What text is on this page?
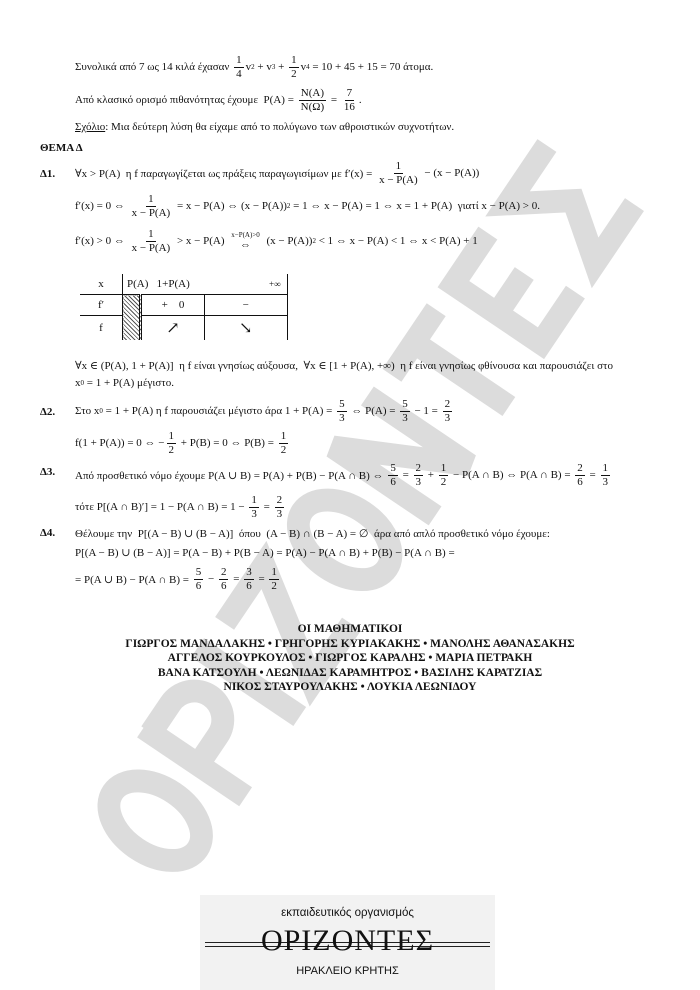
Συνολικά από 7 ως 14 κιλά έχασαν $\frac{1}{4}$ v 2 + v $3 + \frac{1}{2}$ v 4 = 10 + 45 + 15 = 70 άτομα.
Από κλασικό ορισμό πιθανότητας έχουμε  $P(A) = \frac{N(A)}{N(\Omega)} = \frac{7}{16}$ .
Σχόλιο : Μια δεύτερη λύση θα είχαμε από το πολύγωνο των αθροιστικών συχνοτήτων.
ΘΕΜΑ Δ
Δ1. ∀x > P(A)  η f παραγωγίζεται ως πράξεις παραγωγισίμων με $f'(x) = \frac{1}{x - P(A)} - (x - P(A))$
f′(x) = 0 ⇔ $\frac{1}{x - P(A)} = x - P(A)$ ⇔ (x − P(A)) 2 = 1 ⇔ x − P(A) = 1 ⇔ x = 1 + P(A)  γιατί x − P(A) > 0.
f′(x) > 0 ⇔ $\frac{1}{x - P(A)} > x - P(A)$
x−P(A)>0
⇔ (x − P(A)) 2 < 1 ⇔ x − P(A) < 1 ⇔ x < P(A) + 1
x	P(A) 1+P(A)		+∞
f′		+ 0	−
f		↗	↘
∀x ∈ (P(A), 1 + P(A)]  η f είναι γνησίως αύξουσα,  ∀x ∈ [1 + P(A), +∞)  η f είναι γνησίως φθίνουσα και παρουσιάζει στο
x 0 = 1 + P(A) μέγιστο.
Δ2. Στο x 0 = 1 + P(A) η f παρουσιάζει μέγιστο άρα $1 + P(A) = \frac{5}{3}$ ⇔ $P(A) = \frac{5}{3} - 1 = \frac{2}{3}$
f(1 + P(A)) = 0 ⇔ − $\frac{1}{2} + P(B) = 0$ ⇔ $P(B) = \frac{1}{2}$
Δ3. Από προσθετικό νόμο έχουμε P(A ∪ B) = P(A) + P(B) − P(A ∩ B) ⇔ $\frac{5}{6} = \frac{2}{3} + \frac{1}{2} - P(A$ ∩ B) ⇔ P(A ∩ $B) = \frac{2}{6} = \frac{1}{3}$
τότε P[(A ∩ B)′] = 1 − P(A ∩ $B) = 1 - \frac{1}{3} = \frac{2}{3}$
Δ4. Θέλουμε την  P[(A − B) ∪ (B − A)]  όπου  (A − B) ∩ (B − A) = ∅  άρα από απλό προσθετικό νόμο έχουμε:
P[(A − B) ∪ (B − A)] = P(A − B) + P(B − A) = P(A) − P(A ∩ B) + P(B) − P(A ∩ B) =
= P(A ∪ B) − P(A ∩ $B) = \frac{5}{6} - \frac{2}{6} = \frac{3}{6} = \frac{1}{2}$
ΟΙ ΜΑΘΗΜΑΤΙΚΟΙ
ΓΙΩΡΓΟΣ ΜΑΝΔΑΛΑΚΗΣ • ΓΡΗΓΟΡΗΣ ΚΥΡΙΑΚΑΚΗΣ • ΜΑΝΟΛΗΣ ΑΘΑΝΑΣΑΚΗΣ
ΑΓΓΕΛΟΣ ΚΟΥΡΚΟΥΛΟΣ • ΓΙΩΡΓΟΣ ΚΑΡΑΛΗΣ • ΜΑΡΙΑ ΠΕΤΡΑΚΗ
ΒΑΝΑ ΚΑΤΣΟΥΛΗ • ΛΕΩΝΙΔΑΣ ΚΑΡΑΜΗΤΡΟΣ • ΒΑΣΙΛΗΣ ΚΑΡΑΤΖΙΑΣ
ΝΙΚΟΣ ΣΤΑΥΡΟΥΛΑΚΗΣ • ΛΟΥΚΙΑ ΛΕΩΝΙΔΟΥ
εκπαιδευτικός οργανισμός
ΟΡΙΖΟΝΤΕΣ
ΗΡΑΚΛΕΙΟ ΚΡΗΤΗΣ
